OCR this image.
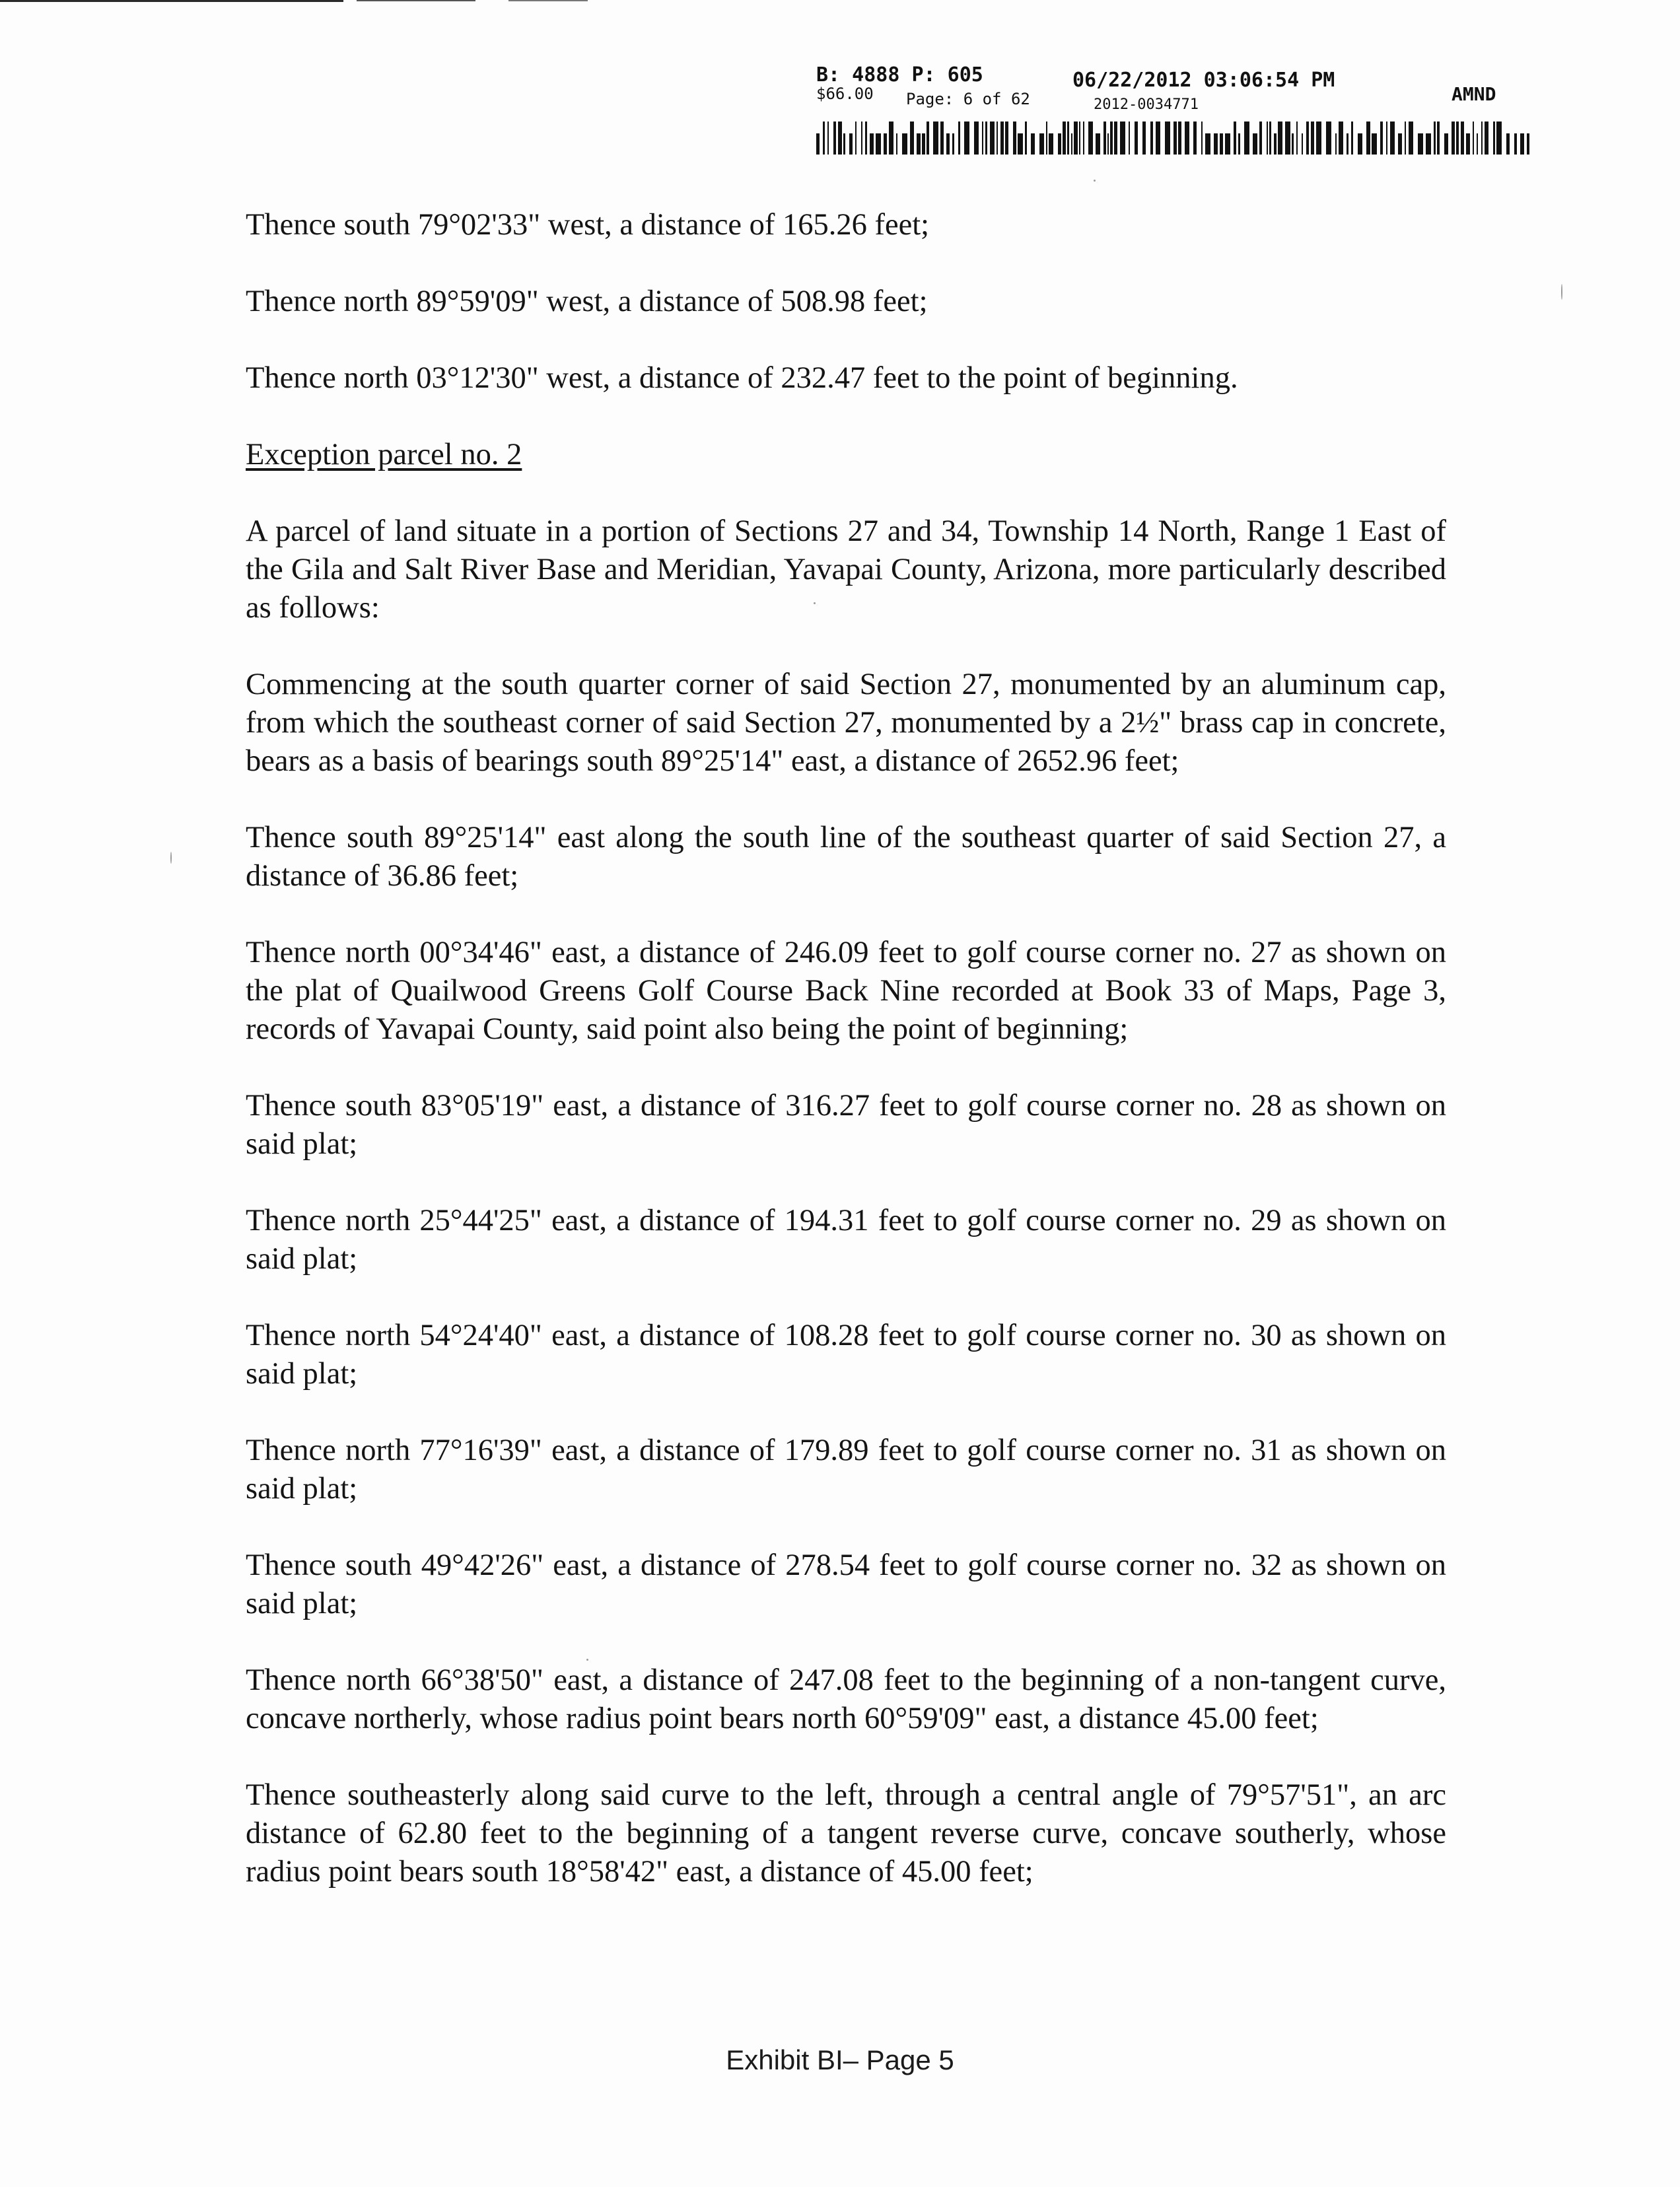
B: 4888 P: 605	06/22/2012 03:06:54 PM
AMND
$66.00 Page: 6 of 62	2012-0034771

Thence south 79°02'33" west, a distance of 165.26 feet;

Thence north 89°59'09" west, a distance of 508.98 feet;

Thence north 03°12'30" west, a distance of 232.47 feet to the point of beginning.

Exception parcel no. 2

A parcel of land situate in a portion of Sections 27 and 34, Township 14 North, Range 1 East of the Gila and Salt River Base and Meridian, Yavapai County, Arizona, more particularly described as follows:

Commencing at the south quarter corner of said Section 27, monumented by an aluminum cap, from which the southeast corner of said Section 27, monumented by a 2½" brass cap in concrete, bears as a basis of bearings south 89°25'14" east, a distance of 2652.96 feet;

Thence south 89°25'14" east along the south line of the southeast quarter of said Section 27, a distance of 36.86 feet;

Thence north 00°34'46" east, a distance of 246.09 feet to golf course corner no. 27 as shown on the plat of Quailwood Greens Golf Course Back Nine recorded at Book 33 of Maps, Page 3, records of Yavapai County, said point also being the point of beginning;

Thence south 83°05'19" east, a distance of 316.27 feet to golf course corner no. 28 as shown on said plat;

Thence north 25°44'25" east, a distance of 194.31 feet to golf course corner no. 29 as shown on said plat;

Thence north 54°24'40" east, a distance of 108.28 feet to golf course corner no. 30 as shown on said plat;

Thence north 77°16'39" east, a distance of 179.89 feet to golf course corner no. 31 as shown on said plat;

Thence south 49°42'26" east, a distance of 278.54 feet to golf course corner no. 32 as shown on said plat;

Thence north 66°38'50" east, a distance of 247.08 feet to the beginning of a non-tangent curve, concave northerly, whose radius point bears north 60°59'09" east, a distance 45.00 feet;

Thence southeasterly along said curve to the left, through a central angle of 79°57'51", an arc distance of 62.80 feet to the beginning of a tangent reverse curve, concave southerly, whose radius point bears south 18°58'42" east, a distance of 45.00 feet;

Exhibit BI– Page 5
